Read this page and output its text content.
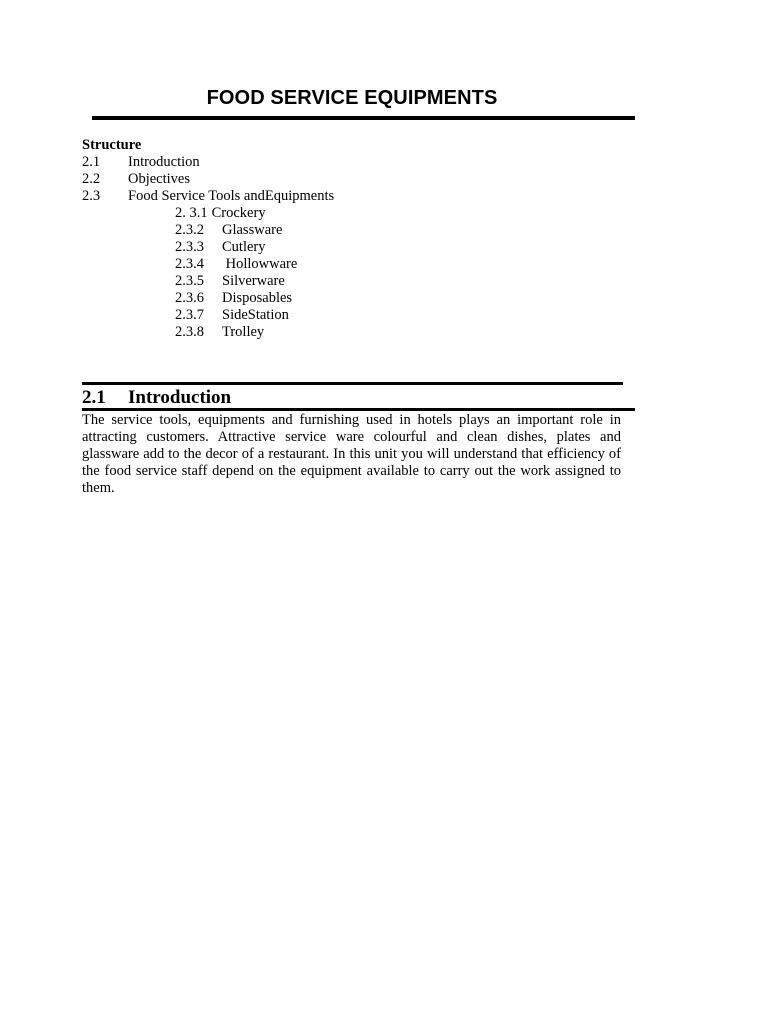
FOOD SERVICE EQUIPMENTS
Structure
2.1 Introduction
2.2 Objectives
2.3 Food Service Tools andEquipments
2. 3.1 Crockery
2.3.2 Glassware
2.3.3 Cutlery
2.3.4 Hollowware
2.3.5 Silverware
2.3.6 Disposables
2.3.7 SideStation
2.3.8 Trolley
2.1 Introduction

The service tools, equipments and furnishing used in hotels plays an important role in attracting customers. Attractive service ware colourful and clean dishes, plates and glassware add to the decor of a restaurant. In this unit you will understand that efficiency of the food service staff depend on the equipment available to carry out the work assigned to them.
